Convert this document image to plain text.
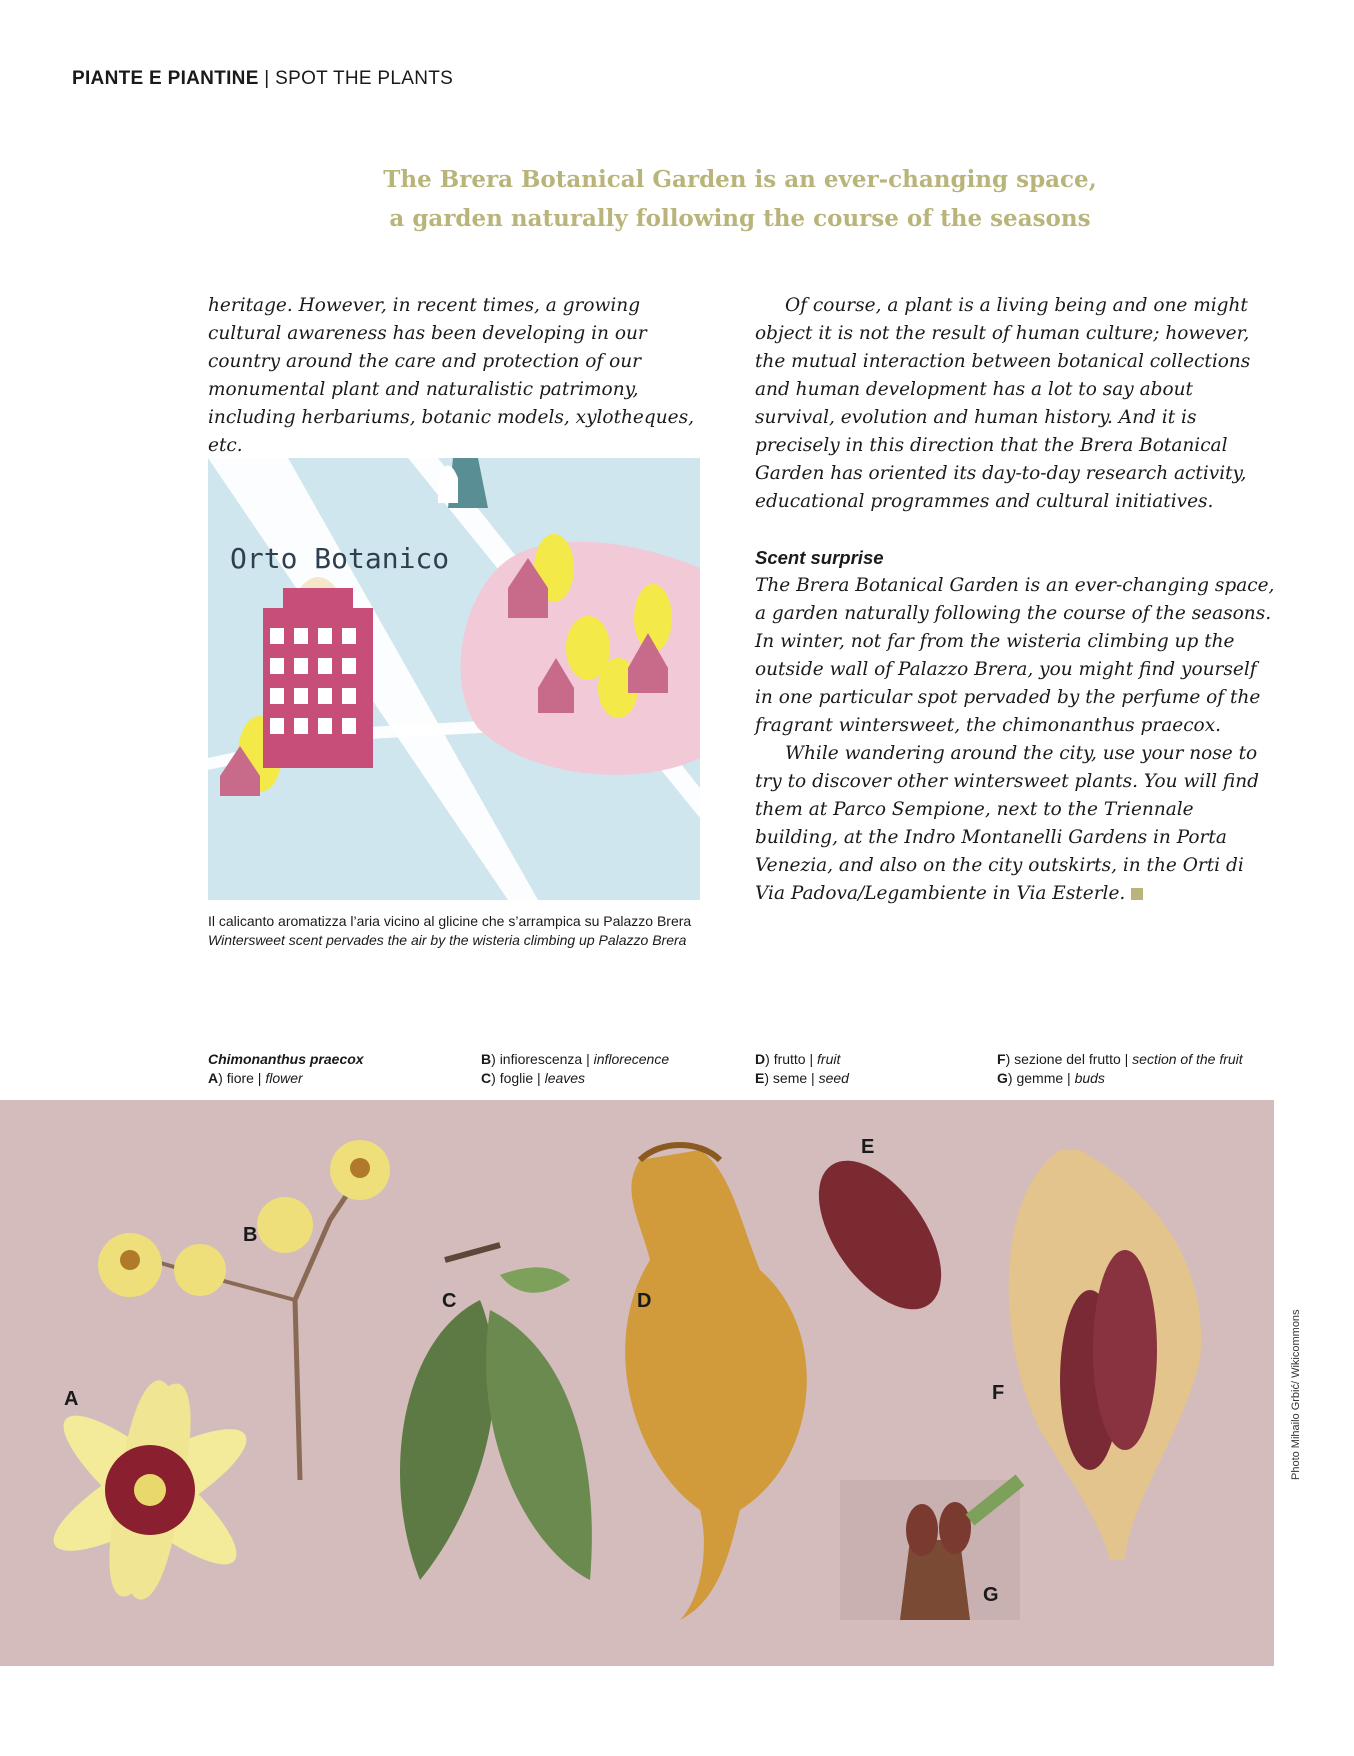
PIANTE E PIANTINE | SPOT THE PLANTS
The Brera Botanical Garden is an ever-changing space,
a garden naturally following the course of the seasons

heritage. However, in recent times, a growing cultural awareness has been developing in our country around the care and protection of our monumental plant and naturalistic patrimony, including herbariums, botanic models, xylotheques, etc.

Of course, a plant is a living being and one might object it is not the result of human culture; however, the mutual interaction between botanical collections and human development has a lot to say about survival, evolution and human history. And it is precisely in this direction that the Brera Botanical Garden has oriented its day-to-day research activity, educational programmes and cultural initiatives.

Scent surprise

The Brera Botanical Garden is an ever-changing space, a garden naturally following the course of the seasons. In winter, not far from the wisteria climbing up the outside wall of Palazzo Brera, you might find yourself in one particular spot pervaded by the perfume of the fragrant wintersweet, the chimonanthus praecox.

While wandering around the city, use your nose to try to discover other wintersweet plants. You will find them at Parco Sempione, next to the Triennale building, at the Indro Montanelli Gardens in Porta Venezia, and also on the city outskirts, in the Orti di Via Padova/Legambiente in Via Esterle.

Orto Botanico
Il calicanto aromatizza l’aria vicino al glicine che s’arrampica su Palazzo Brera
Wintersweet scent pervades the air by the wisteria climbing up Palazzo Brera
Chimonanthus praecox
A) fiore | flower
B) infiorescenza | inflorecence
C) foglie | leaves
D) frutto | fruit
E) seme | seed
F) sezione del frutto | section of the fruit
G) gemme | buds
A
B
C	D
E
F
G
Photo Mihailo Grbić/ Wikicommons
